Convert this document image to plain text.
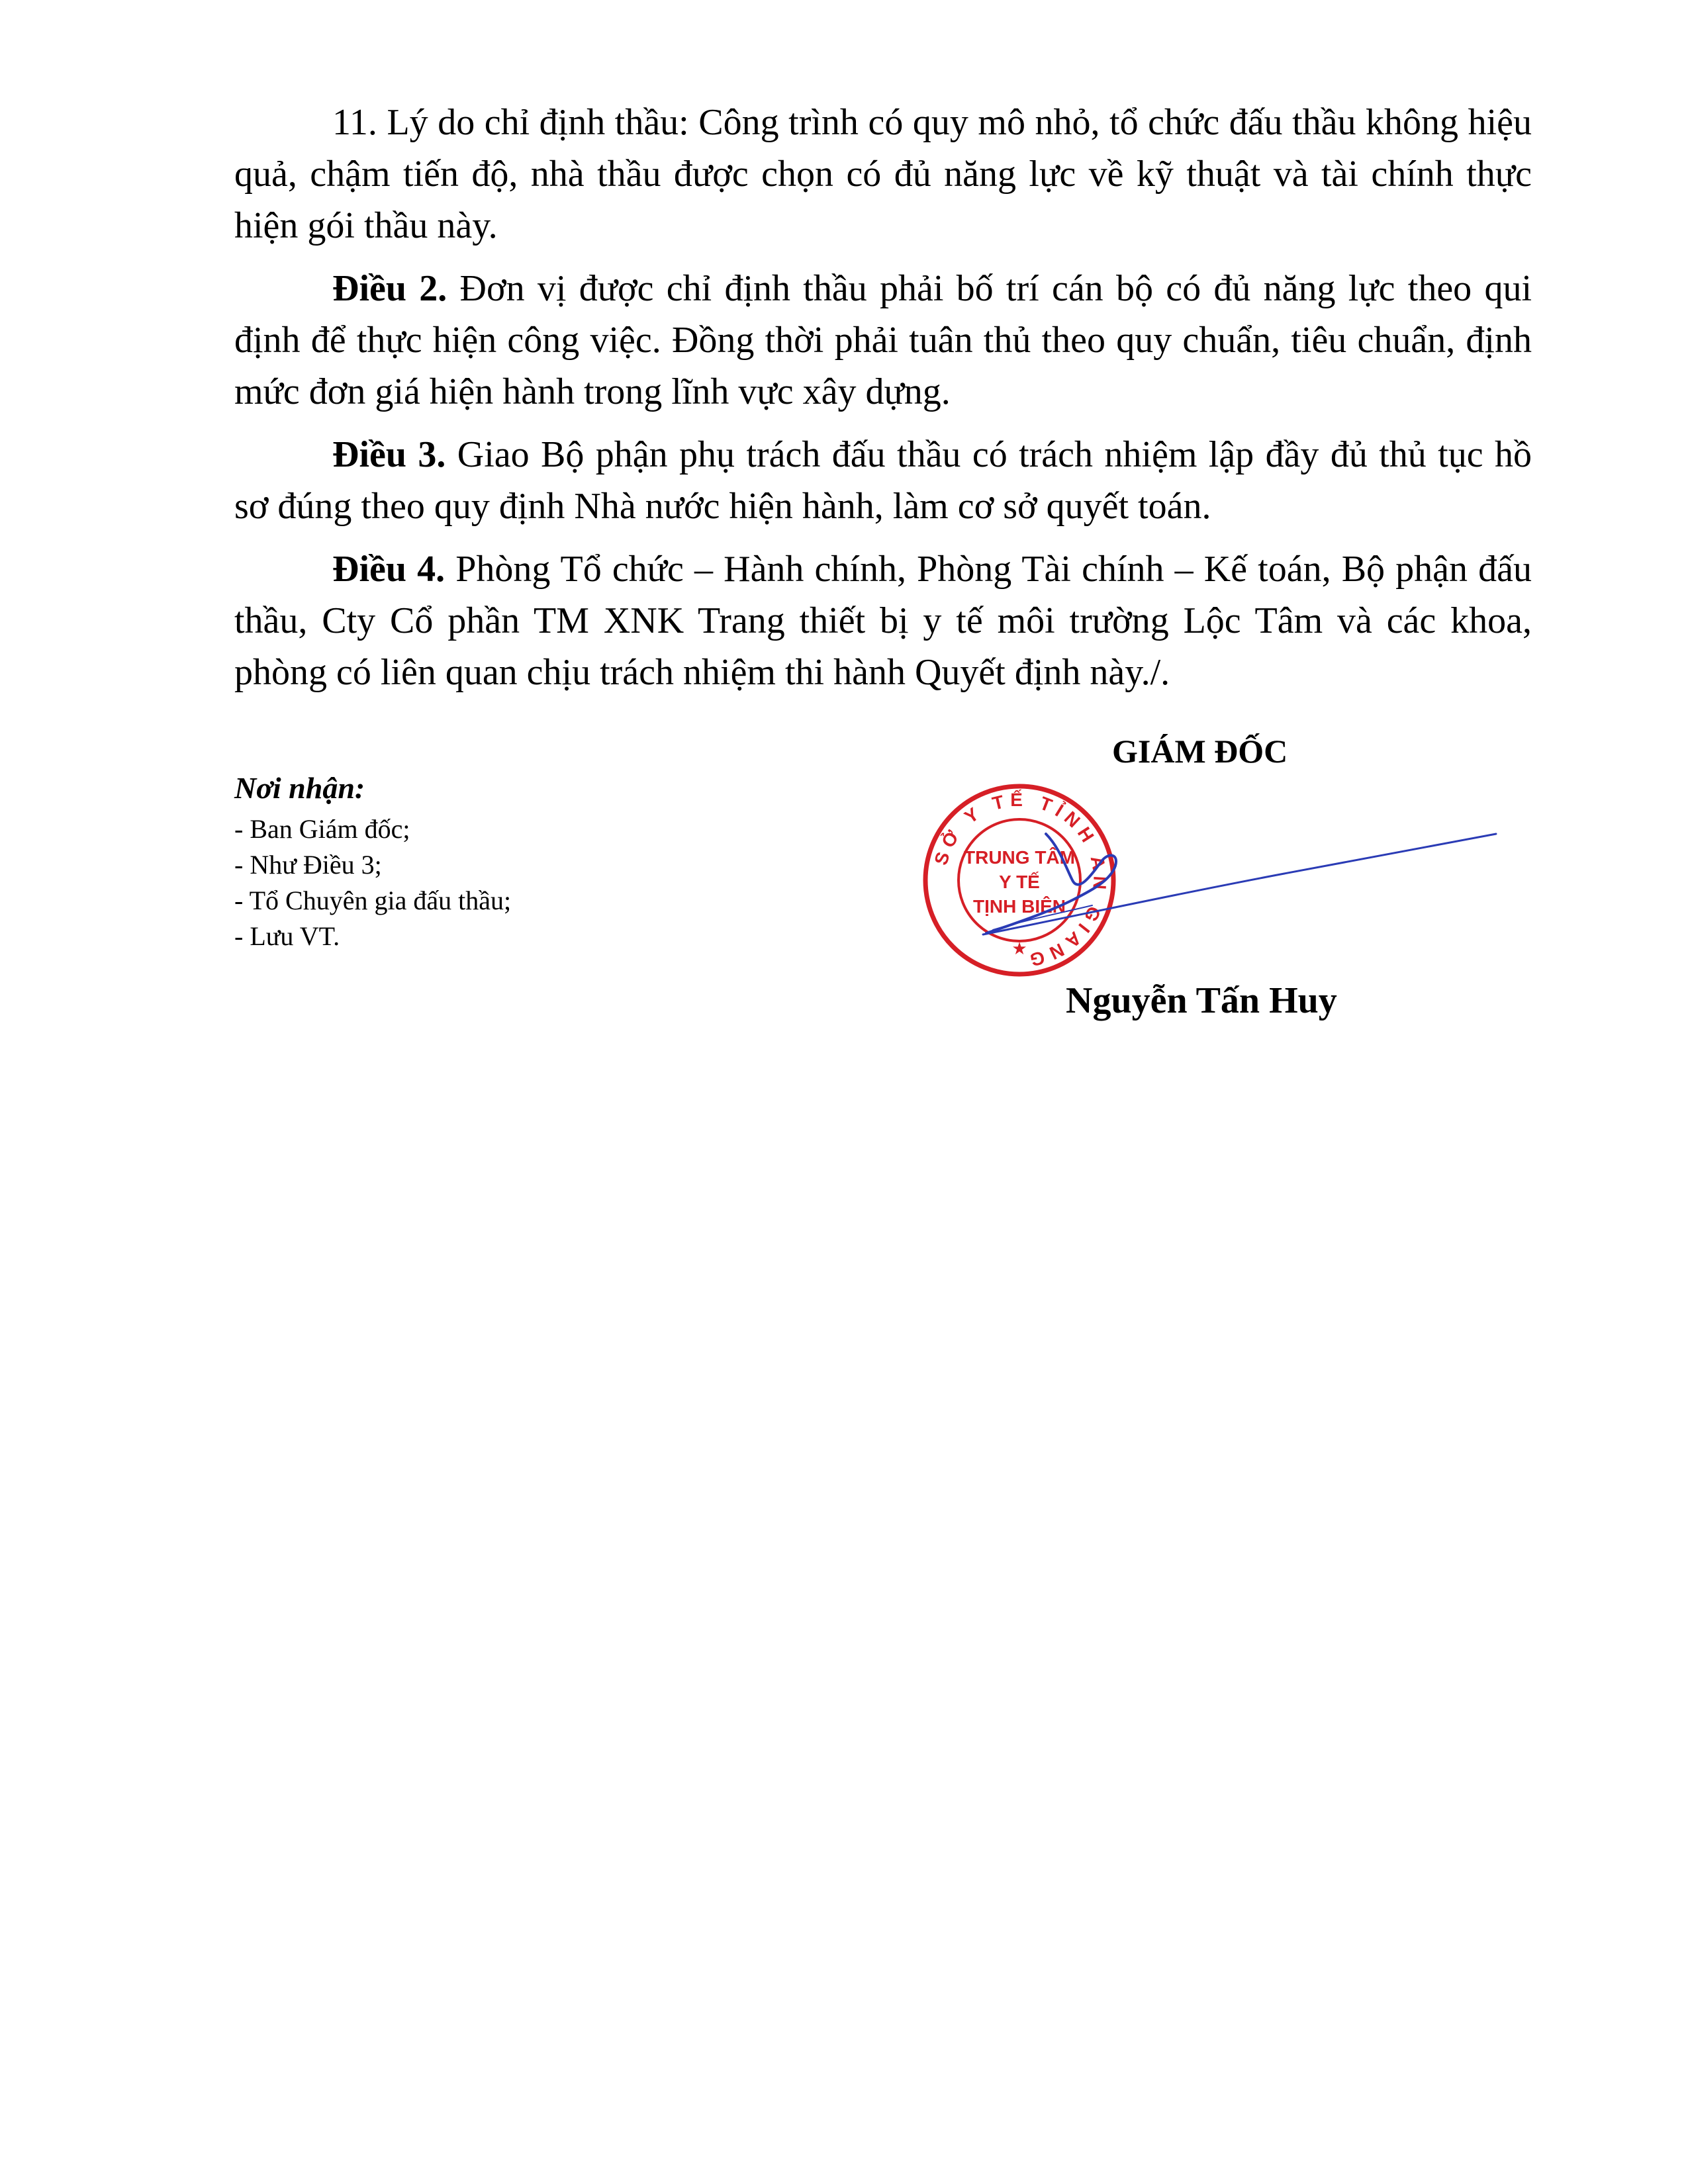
11. Lý do chỉ định thầu: Công trình có quy mô nhỏ, tổ chức đấu thầu không hiệu quả, chậm tiến độ, nhà thầu được chọn có đủ năng lực về kỹ thuật và tài chính thực hiện gói thầu này.

Điều 2. Đơn vị được chỉ định thầu phải bố trí cán bộ có đủ năng lực theo qui định để thực hiện công việc. Đồng thời phải tuân thủ theo quy chuẩn, tiêu chuẩn, định mức đơn giá hiện hành trong lĩnh vực xây dựng.

Điều 3. Giao Bộ phận phụ trách đấu thầu có trách nhiệm lập đầy đủ thủ tục hồ sơ đúng theo quy định Nhà nước hiện hành, làm cơ sở quyết toán.

Điều 4. Phòng Tổ chức – Hành chính, Phòng Tài chính – Kế toán, Bộ phận đấu thầu, Cty Cổ phần TM XNK Trang thiết bị y tế môi trường Lộc Tâm và các khoa, phòng có liên quan chịu trách nhiệm thi hành Quyết định này./.

Nơi nhận:
- Ban Giám đốc;
- Như Điều 3;
- Tổ Chuyên gia đấu thầu;
- Lưu VT.
GIÁM ĐỐC
SỞ Y TẾ TỈNH AN GIANG
★
TRUNG TÂM
Y TẾ
TỊNH BIÊN
Nguyễn Tấn Huy
